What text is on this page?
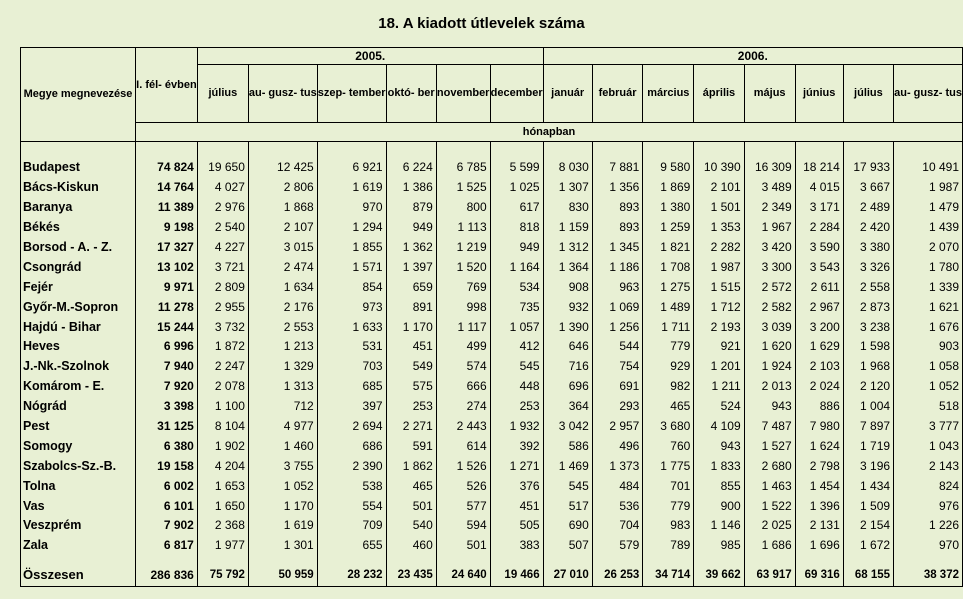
18. A kiadott útlevelek száma
Megye megnevezése	I. fél- évben	2005.						2006.							
		július	au- gusz- tus	szep- tember	októ- ber	november	december	január	február	március	április	május	június	július	au- gusz- tus
	hónapban														

Budapest	74 824	19 650	12 425	6 921	6 224	6 785	5 599	8 030	7 881	9 580	10 390	16 309	18 214	17 933	10 491
Bács-Kiskun	14 764	4 027	2 806	1 619	1 386	1 525	1 025	1 307	1 356	1 869	2 101	3 489	4 015	3 667	1 987
Baranya	11 389	2 976	1 868	970	879	800	617	830	893	1 380	1 501	2 349	3 171	2 489	1 479
Békés	9 198	2 540	2 107	1 294	949	1 113	818	1 159	893	1 259	1 353	1 967	2 284	2 420	1 439
Borsod - A. - Z.	17 327	4 227	3 015	1 855	1 362	1 219	949	1 312	1 345	1 821	2 282	3 420	3 590	3 380	2 070
Csongrád	13 102	3 721	2 474	1 571	1 397	1 520	1 164	1 364	1 186	1 708	1 987	3 300	3 543	3 326	1 780
Fejér	9 971	2 809	1 634	854	659	769	534	908	963	1 275	1 515	2 572	2 611	2 558	1 339
Győr-M.-Sopron	11 278	2 955	2 176	973	891	998	735	932	1 069	1 489	1 712	2 582	2 967	2 873	1 621
Hajdú - Bihar	15 244	3 732	2 553	1 633	1 170	1 117	1 057	1 390	1 256	1 711	2 193	3 039	3 200	3 238	1 676
Heves	6 996	1 872	1 213	531	451	499	412	646	544	779	921	1 620	1 629	1 598	903
J.-Nk.-Szolnok	7 940	2 247	1 329	703	549	574	545	716	754	929	1 201	1 924	2 103	1 968	1 058
Komárom - E.	7 920	2 078	1 313	685	575	666	448	696	691	982	1 211	2 013	2 024	2 120	1 052
Nógrád	3 398	1 100	712	397	253	274	253	364	293	465	524	943	886	1 004	518
Pest	31 125	8 104	4 977	2 694	2 271	2 443	1 932	3 042	2 957	3 680	4 109	7 487	7 980	7 897	3 777
Somogy	6 380	1 902	1 460	686	591	614	392	586	496	760	943	1 527	1 624	1 719	1 043
Szabolcs-Sz.-B.	19 158	4 204	3 755	2 390	1 862	1 526	1 271	1 469	1 373	1 775	1 833	2 680	2 798	3 196	2 143
Tolna	6 002	1 653	1 052	538	465	526	376	545	484	701	855	1 463	1 454	1 434	824
Vas	6 101	1 650	1 170	554	501	577	451	517	536	779	900	1 522	1 396	1 509	976
Veszprém	7 902	2 368	1 619	709	540	594	505	690	704	983	1 146	2 025	2 131	2 154	1 226
Zala	6 817	1 977	1 301	655	460	501	383	507	579	789	985	1 686	1 696	1 672	970

Összesen	286 836	75 792	50 959	28 232	23 435	24 640	19 466	27 010	26 253	34 714	39 662	63 917	69 316	68 155	38 372
